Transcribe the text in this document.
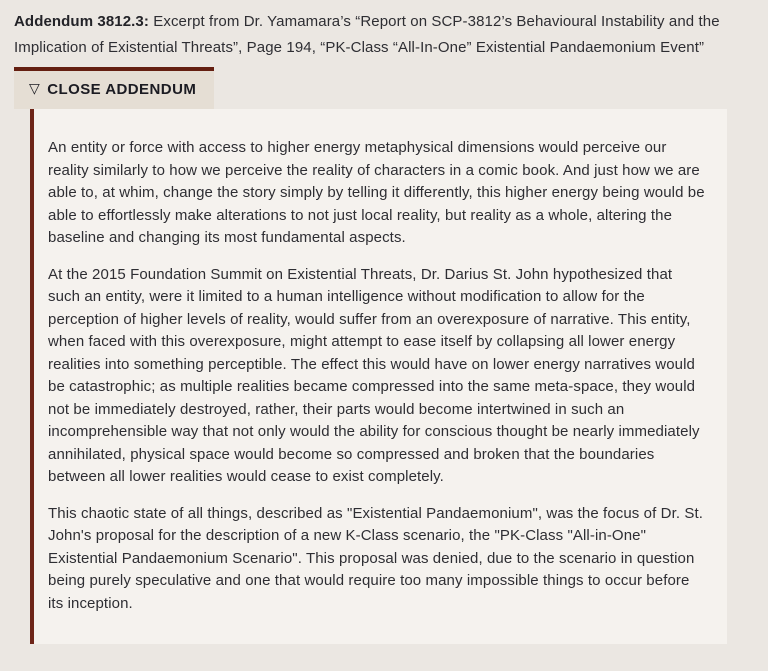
Addendum 3812.3: Excerpt from Dr. Yamamara’s “Report on SCP-3812’s Behavioural Instability and the Implication of Existential Threats”, Page 194, “PK-Class “All-In-One” Existential Pandaemonium Event”

▽ CLOSE ADDENDUM

An entity or force with access to higher energy metaphysical dimensions would perceive our reality similarly to how we perceive the reality of characters in a comic book. And just how we are able to, at whim, change the story simply by telling it differently, this higher energy being would be able to effortlessly make alterations to not just local reality, but reality as a whole, altering the baseline and changing its most fundamental aspects.

At the 2015 Foundation Summit on Existential Threats, Dr. Darius St. John hypothesized that such an entity, were it limited to a human intelligence without modification to allow for the perception of higher levels of reality, would suffer from an overexposure of narrative. This entity, when faced with this overexposure, might attempt to ease itself by collapsing all lower energy realities into something perceptible. The effect this would have on lower energy narratives would be catastrophic; as multiple realities became compressed into the same meta-space, they would not be immediately destroyed, rather, their parts would become intertwined in such an incomprehensible way that not only would the ability for conscious thought be nearly immediately annihilated, physical space would become so compressed and broken that the boundaries between all lower realities would cease to exist completely.

This chaotic state of all things, described as "Existential Pandaemonium", was the focus of Dr. St. John's proposal for the description of a new K-Class scenario, the "PK-Class "All-in-One" Existential Pandaemonium Scenario". This proposal was denied, due to the scenario in question being purely speculative and one that would require too many impossible things to occur before its inception.
